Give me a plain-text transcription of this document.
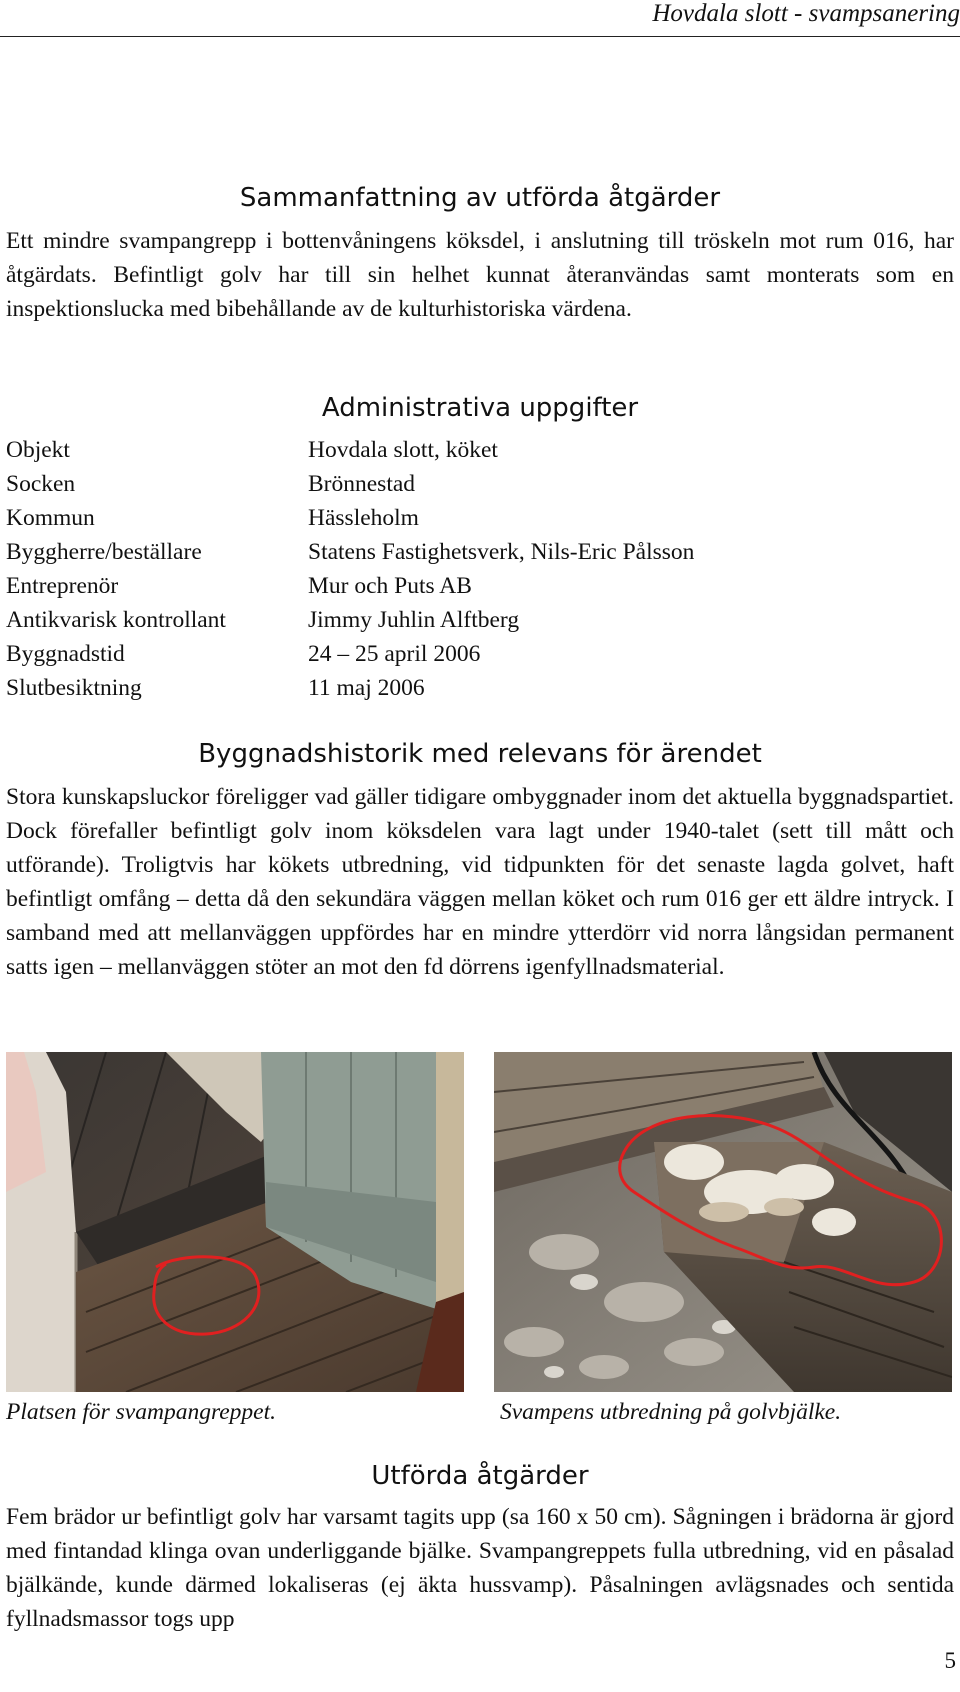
Hovdala slott - svampsanering
Sammanfattning av utförda åtgärder

Ett mindre svampangrepp i bottenvåningens köksdel, i anslutning till tröskeln mot rum 016, har åtgärdats. Befintligt golv har till sin helhet kunnat återanvändas samt monterats som en inspektionslucka med bibehållande av de kulturhistoriska värdena.

Administrativa uppgifter
Objekt	Hovdala slott, köket
Socken	Brönnestad
Kommun	Hässleholm
Byggherre/beställare	Statens Fastighetsverk, Nils-Eric Pålsson
Entreprenör	Mur och Puts AB
Antikvarisk kontrollant	Jimmy Juhlin Alftberg
Byggnadstid	24 – 25 april 2006
Slutbesiktning	11 maj 2006
Byggnadshistorik med relevans för ärendet

Stora kunskapsluckor föreligger vad gäller tidigare ombyggnader inom det aktuella byggnadspartiet. Dock förefaller befintligt golv inom köksdelen vara lagt under 1940-talet (sett till mått och utförande). Troligtvis har kökets utbredning, vid tidpunkten för det senaste lagda golvet, haft befintligt omfång – detta då den sekundära väggen mellan köket och rum 016 ger ett äldre intryck. I samband med att mellanväggen uppfördes har en mindre ytterdörr vid norra långsidan permanent satts igen – mellanväggen stöter an mot den fd dörrens igenfyllnadsmaterial.

Platsen för svampangreppet.	Svampens utbredning på golvbjälke.
Utförda åtgärder

Fem brädor ur befintligt golv har varsamt tagits upp (sa 160 x 50 cm). Sågningen i brädorna är gjord med fintandad klinga ovan underliggande bjälke. Svampangreppets fulla utbredning, vid en påsalad bjälkände, kunde därmed lokaliseras (ej äkta hussvamp). Påsalningen avlägsnades och sentida fyllnadsmassor togs upp

5
